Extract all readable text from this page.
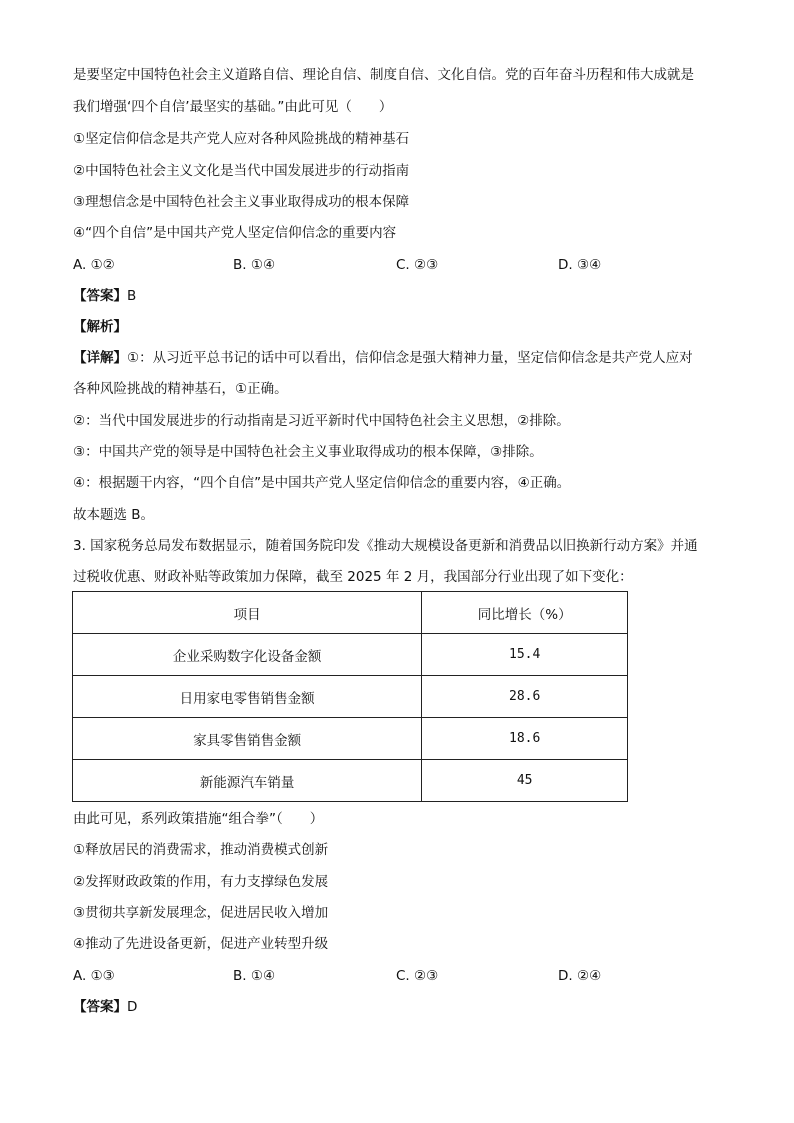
是要坚定中国特色社会主义道路自信、理论自信、制度自信、文化自信。党的百年奋斗历程和伟大成就是
我们增强‘四个自信’最坚实的基础。”由此可见（　　）
①坚定信仰信念是共产党人应对各种风险挑战的精神基石
②中国特色社会主义文化是当代中国发展进步的行动指南
③理想信念是中国特色社会主义事业取得成功的根本保障
④“四个自信”是中国共产党人坚定信仰信念的重要内容
A. ①②	B. ①④	C. ②③	D. ③④
【答案】B
【解析】
【详解】①：从习近平总书记的话中可以看出，信仰信念是强大精神力量，坚定信仰信念是共产党人应对
各种风险挑战的精神基石，①正确。
②：当代中国发展进步的行动指南是习近平新时代中国特色社会主义思想，②排除。
③：中国共产党的领导是中国特色社会主义事业取得成功的根本保障，③排除。
④：根据题干内容，“四个自信”是中国共产党人坚定信仰信念的重要内容，④正确。
故本题选 B。
3. 国家税务总局发布数据显示，随着国务院印发《推动大规模设备更新和消费品以旧换新行动方案》并通
过税收优惠、财政补贴等政策加力保障，截至 2025 年 2 月，我国部分行业出现了如下变化：
项目	同比增长（%）
企业采购数字化设备金额	15.4
日用家电零售销售金额	28.6
家具零售销售金额	18.6
新能源汽车销量	45
由此可见，系列政策措施“组合拳”（　　）
①释放居民的消费需求，推动消费模式创新
②发挥财政政策的作用，有力支撑绿色发展
③贯彻共享新发展理念，促进居民收入增加
④推动了先进设备更新，促进产业转型升级
A. ①③	B. ①④	C. ②③	D. ②④
【答案】D
